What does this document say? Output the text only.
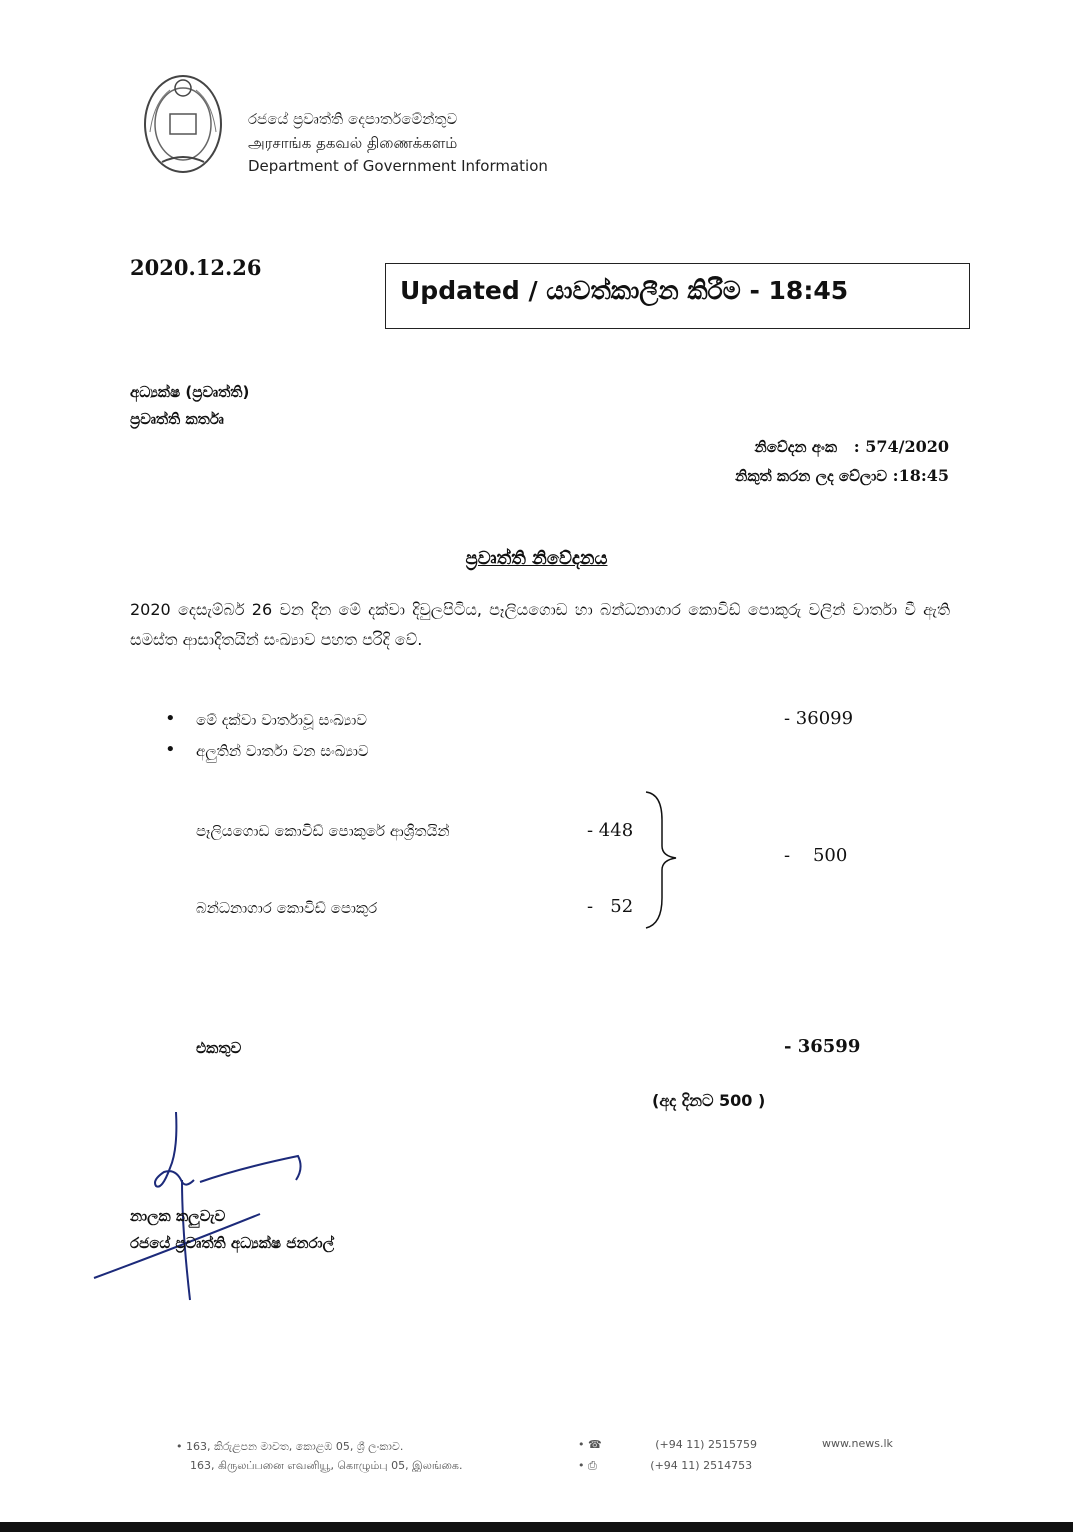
රජයේ ප්‍රවෘත්ති දෙපාර්තමේන්තුව
அரசாங்க தகவல் திணைக்களம்
Department of Government Information
2020.12.26
Updated / යාවත්කාලීන කිරීම - 18:45
අධ්‍යක්ෂ (ප්‍රවෘත්ති)
ප්‍රවෘත්ති කර්තෘ
නිවේදන අංක : 574/2020
නිකුත් කරන ලද වේලාව :18:45
ප්‍රවෘත්ති නිවේදනය
2020 දෙසැම්බර් 26 වන දින මේ දක්වා දිවුලපිටිය, පෑලියගොඩ හා බන්ධනාගාර කොවිඩ් පොකුරු වලින් වාර්තා වී ඇති සමස්ත ආසාදිතයින් සංඛ්‍යාව පහත පරිදි වේ.
• මේ දක්වා වාර්තාවූ සංඛ්‍යාව	- 36099
• අලුතින් වාර්තා වන සංඛ්‍යාව
පෑලියගොඩ කොවිඩ් පොකුරේ ආශ්‍රිතයින්	- 448
බන්ධනාගාර කොවිඩ් පොකුර	-   52
-    500
එකතුව	- 36599
(අද දිනට 500 )
නාලක කලුවැව
රජයේ ප්‍රවෘත්ති අධ්‍යක්ෂ ජනරාල්
• 163, කිරුළපන මාවත, කොළඹ 05, ශ්‍රී ලංකාව.
163, கிருலப்பனை எவனியூ, கொழும்பு 05, இலங்கை.
• ☎	(+94 11) 2515759
• ⎙	(+94 11) 2514753
www.news.lk
